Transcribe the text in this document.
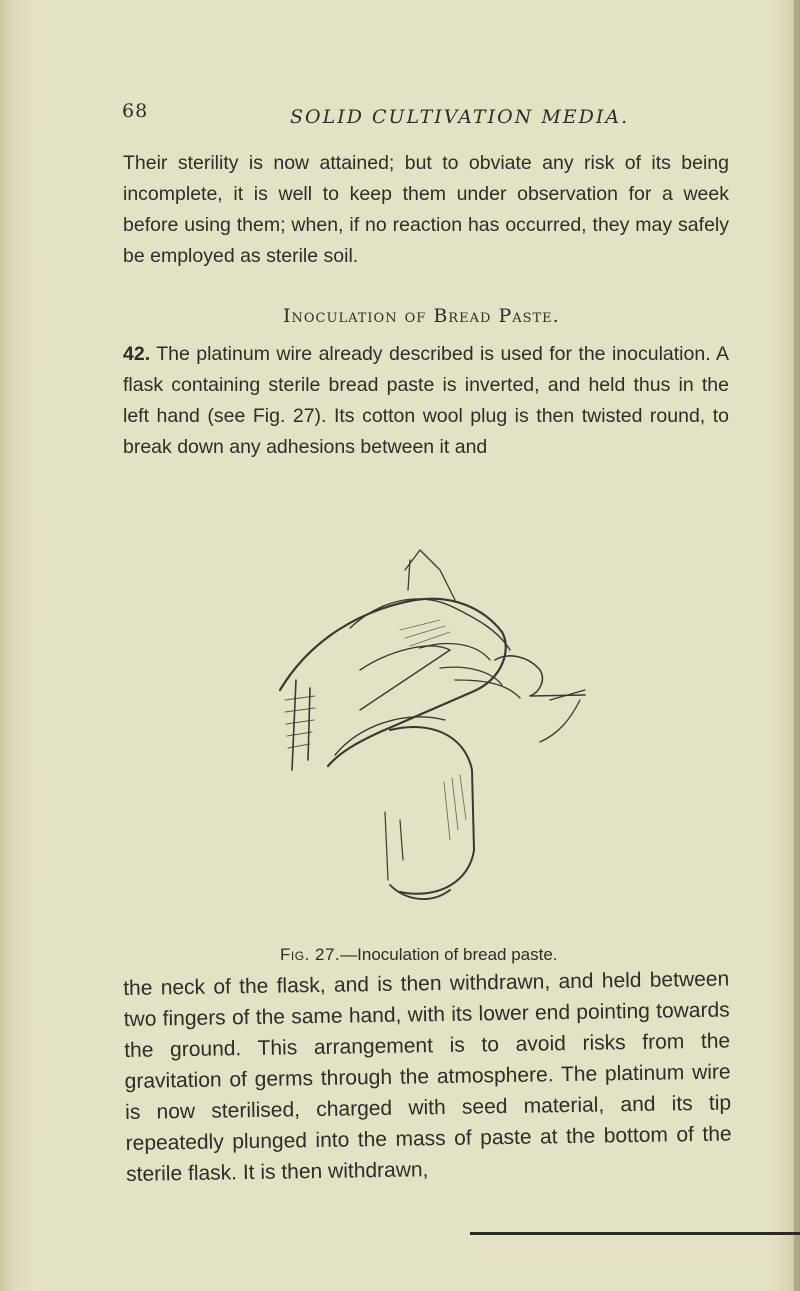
68	SOLID CULTIVATION MEDIA.

Their sterility is now attained; but to obviate any risk of its being incomplete, it is well to keep them under observation for a week before using them; when, if no reaction has occurred, they may safely be employed as sterile soil.

Inoculation of Bread Paste.

42. The platinum wire already described is used for the inoculation. A flask containing sterile bread paste is inverted, and held thus in the left hand (see Fig. 27). Its cotton wool plug is then twisted round, to break down any adhesions between it and

Fig. 27.—Inoculation of bread paste.

the neck of the flask, and is then withdrawn, and held between two fingers of the same hand, with its lower end pointing towards the ground. This arrangement is to avoid risks from the gravitation of germs through the atmosphere. The platinum wire is now sterilised, charged with seed material, and its tip repeatedly plunged into the mass of paste at the bottom of the sterile flask. It is then withdrawn,
